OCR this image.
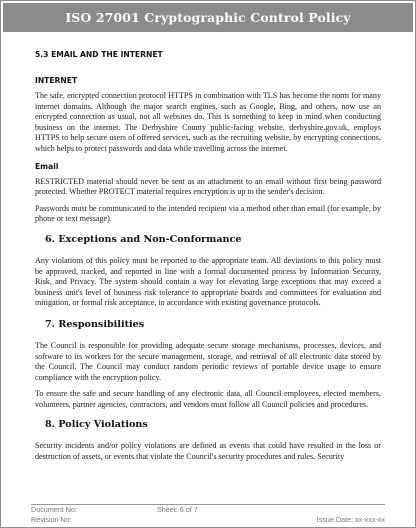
ISO 27001 Cryptographic Control Policy
5.3 EMAIL AND THE INTERNET
INTERNET
The safe, encrypted connection protocol HTTPS in combination with TLS has become the norm for many internet domains. Although the major search engines, such as Google, Bing, and others, now use an encrypted connection as usual, not all websites do. This is something to keep in mind when conducting business on the internet. The Derbyshire County public-facing website, derbyshire.gov.uk, employs HTTPS to help secure users of offered services, such as the recruiting website, by encrypting connections, which helps to protect passwords and data while travelling across the internet.
Email
RESTRICTED material should never be sent as an attachment to an email without first being password protected. Whether PROTECT material requires encryption is up to the sender's decision.
Passwords must be communicated to the intended recipient via a method other than email (for example, by phone or text message).
6. Exceptions and Non-Conformance
Any violations of this policy must be reported to the appropriate team. All deviations to this policy must be approved, tracked, and reported in line with a formal documented process by Information Security, Risk, and Privacy. The system should contain a way for elevating large exceptions that may exceed a business unit's level of business risk tolerance to appropriate boards and committees for evaluation and mitigation, or formal risk acceptance, in accordance with existing governance protocols.
7. Responsibilities
The Council is responsible for providing adequate secure storage mechanisms, processes, devices, and software to its workers for the secure management, storage, and retrieval of all electronic data stored by the Council. The Council may conduct random periodic reviews of portable device usage to ensure compliance with the encryption policy.
To ensure the safe and secure handling of any electronic data, all Council employees, elected members, volunteers, partner agencies, contractors, and vendors must follow all Council policies and procedures.
8. Policy Violations
Security incidents and/or policy violations are defined as events that could have resulted in the loss or destruction of assets, or events that violate the Council's security procedures and rules. Security
Document No:	Sheet: 6 of 7
Revision No:	Issue Date: xx-xxx-xx
